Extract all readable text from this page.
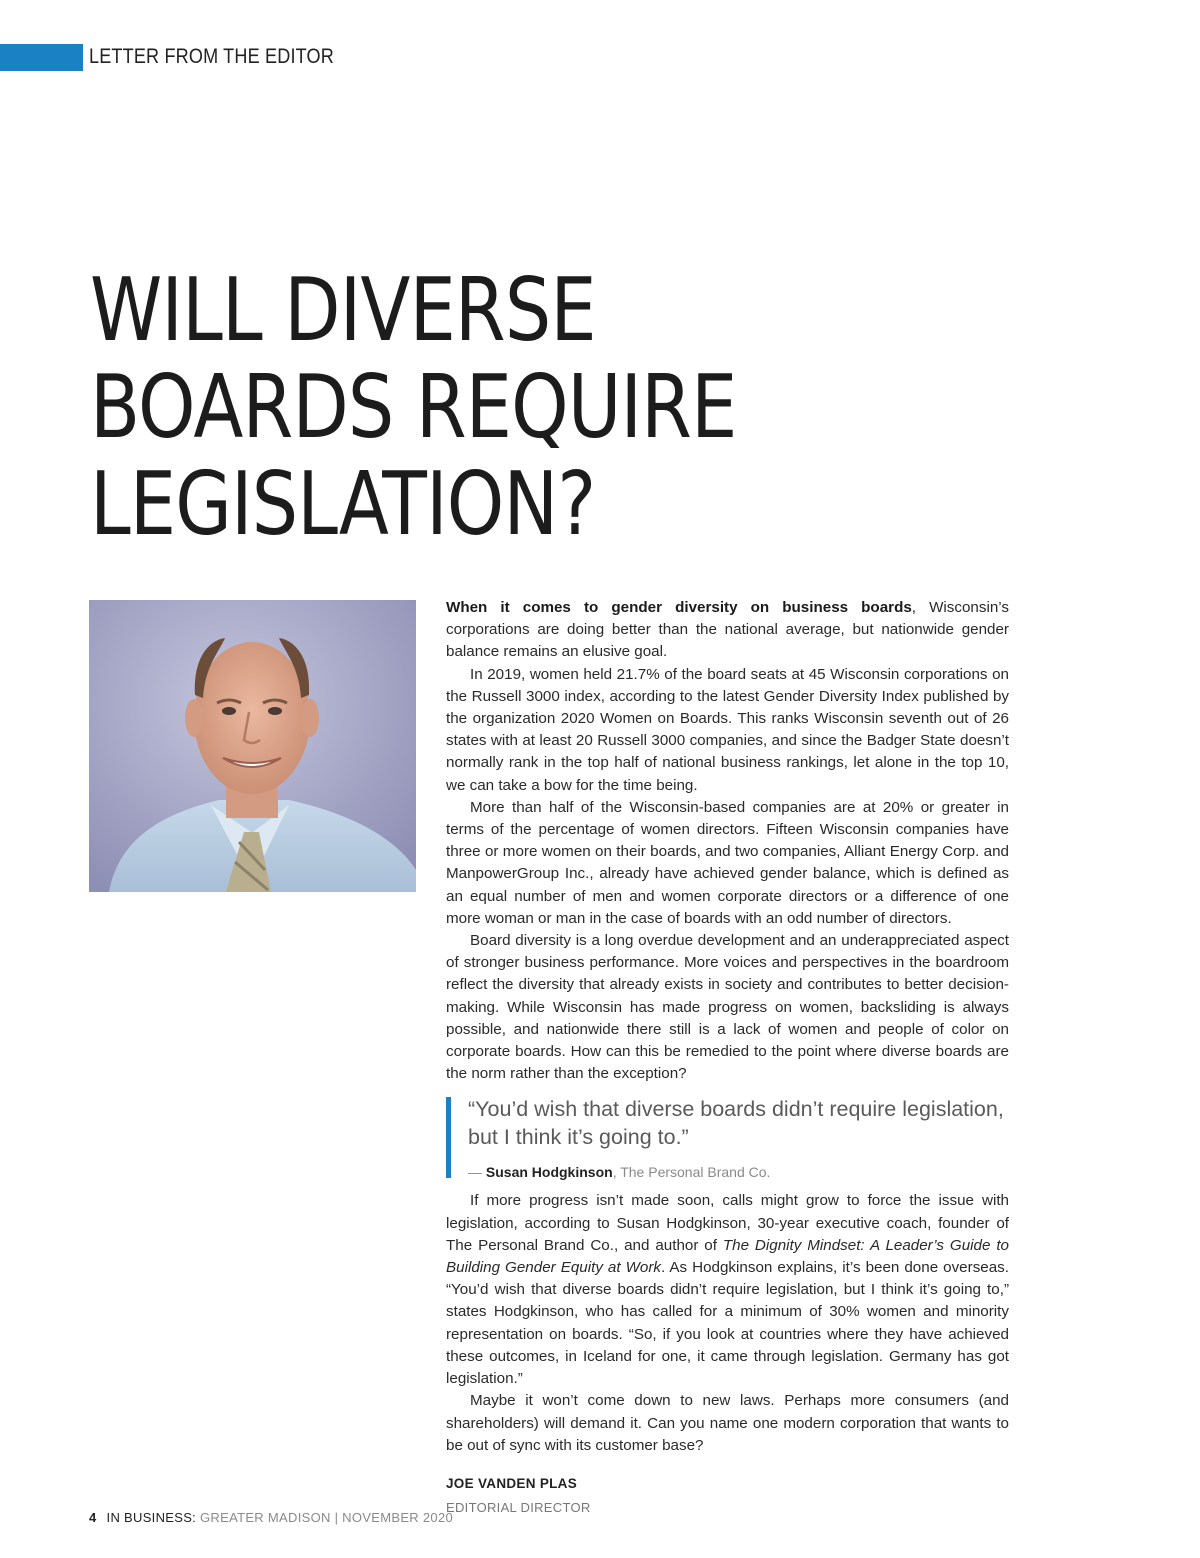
LETTER FROM THE EDITOR
WILL DIVERSE
BOARDS REQUIRE
LEGISLATION?

When it comes to gender diversity on business boards, Wisconsin’s corporations are doing better than the national average, but nationwide gender balance remains an elusive goal.

In 2019, women held 21.7% of the board seats at 45 Wisconsin corporations on the Russell 3000 index, according to the latest Gender Diversity Index published by the organization 2020 Women on Boards. This ranks Wisconsin seventh out of 26 states with at least 20 Russell 3000 companies, and since the Badger State doesn’t normally rank in the top half of national business rankings, let alone in the top 10, we can take a bow for the time being.

More than half of the Wisconsin-based companies are at 20% or greater in terms of the percentage of women directors. Fifteen Wisconsin companies have three or more women on their boards, and two companies, Alliant Energy Corp. and ManpowerGroup Inc., already have achieved gender balance, which is defined as an equal number of men and women corporate directors or a difference of one more woman or man in the case of boards with an odd number of directors.

Board diversity is a long overdue development and an underappreciated aspect of stronger business performance. More voices and perspectives in the boardroom reflect the diversity that already exists in society and contributes to better decision-making. While Wisconsin has made progress on women, backsliding is always possible, and nationwide there still is a lack of women and people of color on corporate boards. How can this be remedied to the point where diverse boards are the norm rather than the exception?

“You’d wish that diverse boards didn’t require legislation, but I think it’s going to.”

— Susan Hodgkinson, The Personal Brand Co.

If more progress isn’t made soon, calls might grow to force the issue with legislation, according to Susan Hodgkinson, 30-year executive coach, founder of The Personal Brand Co., and author of The Dignity Mindset: A Leader’s Guide to Building Gender Equity at Work. As Hodgkinson explains, it’s been done overseas. “You’d wish that diverse boards didn’t require legislation, but I think it’s going to,” states Hodgkinson, who has called for a minimum of 30% women and minority representation on boards. “So, if you look at countries where they have achieved these outcomes, in Iceland for one, it came through legislation. Germany has got legislation.”

Maybe it won’t come down to new laws. Perhaps more consumers (and shareholders) will demand it. Can you name one modern corporation that wants to be out of sync with its customer base?

JOE VANDEN PLAS
EDITORIAL DIRECTOR
4 IN BUSINESS: GREATER MADISON | NOVEMBER 2020
